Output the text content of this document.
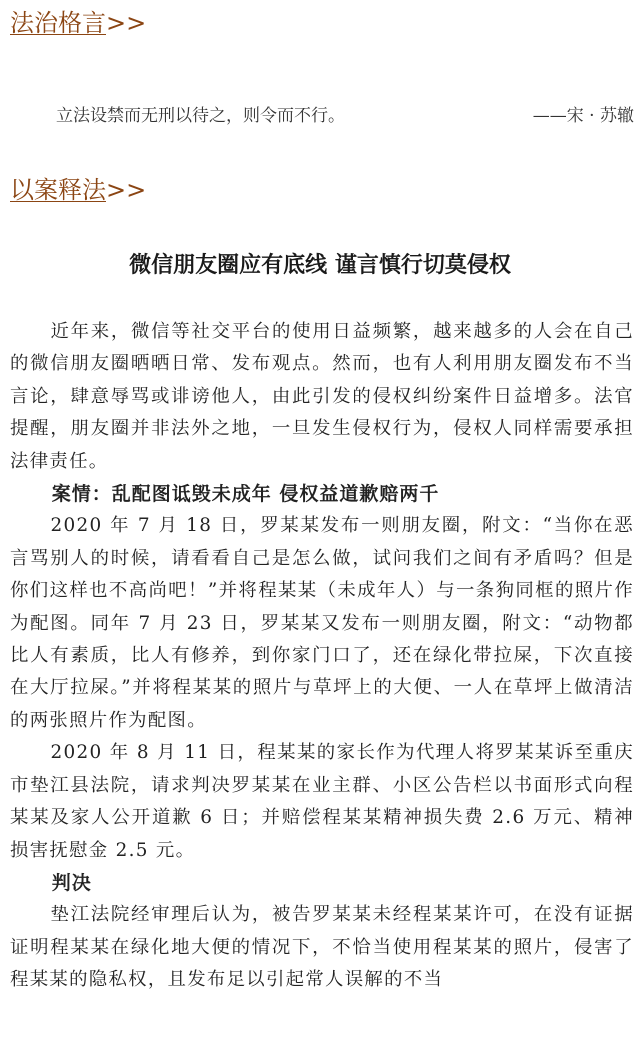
法治格言>>
立法设禁而无刑以待之，则令而不行。	——宋 · 苏辙
以案释法>>
微信朋友圈应有底线 谨言慎行切莫侵权

近年来，微信等社交平台的使用日益频繁，越来越多的人会在自己的微信朋友圈晒晒日常、发布观点。然而，也有人利用朋友圈发布不当言论，肆意辱骂或诽谤他人，由此引发的侵权纠纷案件日益增多。法官提醒，朋友圈并非法外之地，一旦发生侵权行为，侵权人同样需要承担法律责任。

案情：乱配图诋毁未成年 侵权益道歉赔两千

2020 年 7 月 18 日，罗某某发布一则朋友圈，附文：“当你在恶言骂别人的时候，请看看自己是怎么做，试问我们之间有矛盾吗？但是你们这样也不高尚吧！”并将程某某（未成年人）与一条狗同框的照片作为配图。同年 7 月 23 日，罗某某又发布一则朋友圈，附文：“动物都比人有素质，比人有修养，到你家门口了，还在绿化带拉屎，下次直接在大厅拉屎。”并将程某某的照片与草坪上的大便、一人在草坪上做清洁的两张照片作为配图。

2020 年 8 月 11 日，程某某的家长作为代理人将罗某某诉至重庆市垫江县法院，请求判决罗某某在业主群、小区公告栏以书面形式向程某某及家人公开道歉 6 日；并赔偿程某某精神损失费 2.6 万元、精神损害抚慰金 2.5 元。

判决

垫江法院经审理后认为，被告罗某某未经程某某许可，在没有证据证明程某某在绿化地大便的情况下，不恰当使用程某某的照片，侵害了程某某的隐私权，且发布足以引起常人误解的不当
